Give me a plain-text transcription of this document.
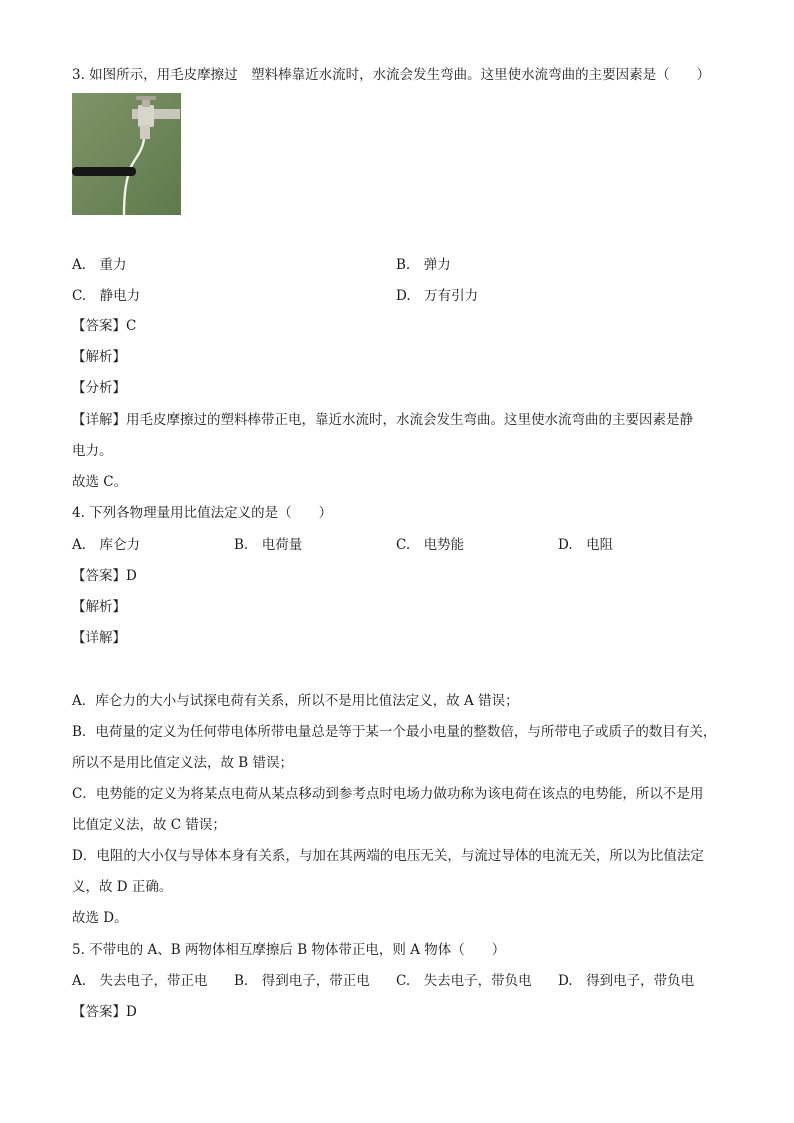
3. 如图所示，用毛皮摩擦过　塑料棒靠近水流时，水流会发生弯曲。这里使水流弯曲的主要因素是（　　）
A.　重力	B.　弹力
C.　静电力	D.　万有引力
【答案】C
【解析】
【分析】
【详解】用毛皮摩擦过的塑料棒带正电，靠近水流时，水流会发生弯曲。这里使水流弯曲的主要因素是静
电力。
故选 C。
4. 下列各物理量用比值法定义的是（　　）
A.　库仑力	B.　电荷量	C.　电势能	D.　电阻
【答案】D
【解析】
【详解】
A．库仑力的大小与试探电荷有关系，所以不是用比值法定义，故 A 错误；
B．电荷量的定义为任何带电体所带电量总是等于某一个最小电量的整数倍，与所带电子或质子的数目有关，
所以不是用比值定义法，故 B 错误；
C．电势能的定义为将某点电荷从某点移动到参考点时电场力做功称为该电荷在该点的电势能，所以不是用
比值定义法，故 C 错误；
D．电阻的大小仅与导体本身有关系，与加在其两端的电压无关，与流过导体的电流无关，所以为比值法定
义，故 D 正确。
故选 D。
5. 不带电的 A、B 两物体相互摩擦后 B 物体带正电，则 A 物体（　　）
A.　失去电子，带正电 B.　得到电子，带正电 C.　失去电子，带负电 D.　得到电子，带负电
【答案】D
